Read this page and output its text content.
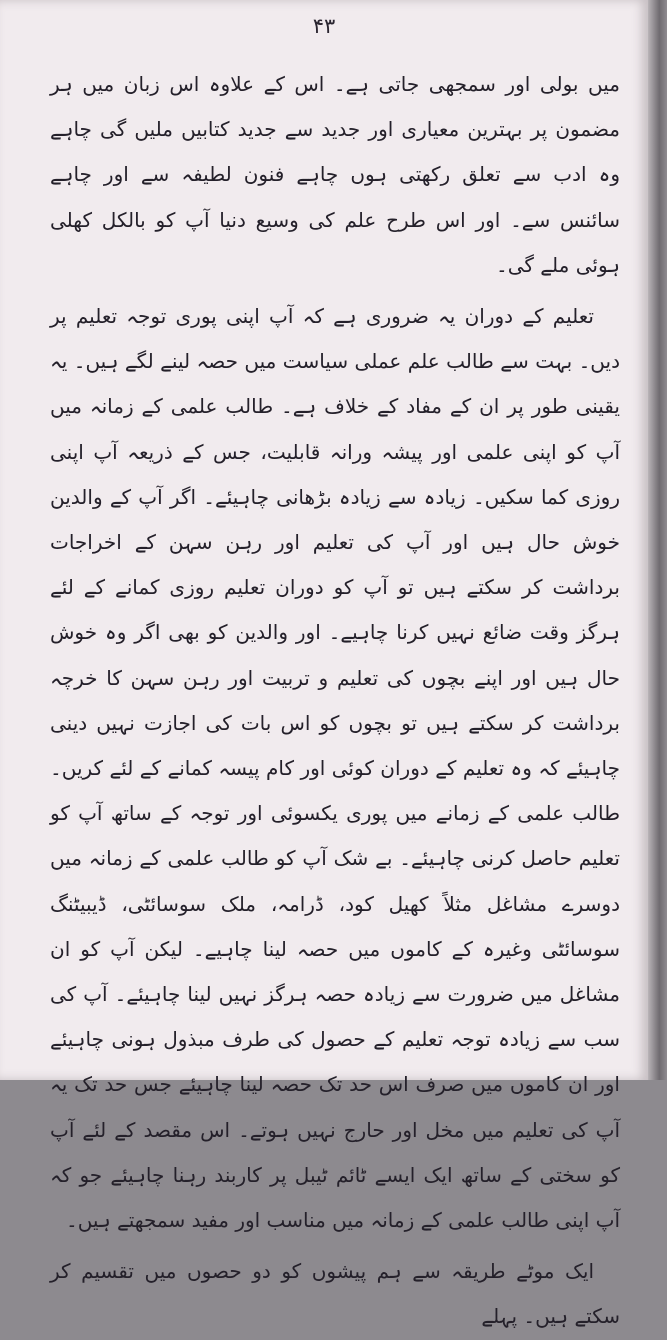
۴۳

میں بولی اور سمجھی جاتی ہے۔ اس کے علاوہ اس زبان میں ہر مضمون پر بہترین معیاری اور جدید سے جدید کتابیں ملیں گی چاہے وہ ادب سے تعلق رکھتی ہوں چاہے فنون لطیفہ سے اور چاہے سائنس سے۔ اور اس طرح علم کی وسیع دنیا آپ کو بالکل کھلی ہوئی ملے گی۔

تعلیم کے دوران یہ ضروری ہے کہ آپ اپنی پوری توجہ تعلیم پر دیں۔ بہت سے طالب علم عملی سیاست میں حصہ لینے لگے ہیں۔ یہ یقینی طور پر ان کے مفاد کے خلاف ہے۔ طالب علمی کے زمانہ میں آپ کو اپنی علمی اور پیشہ ورانہ قابلیت، جس کے ذریعہ آپ اپنی روزی کما سکیں۔ زیادہ سے زیادہ بڑھانی چاہیئے۔ اگر آپ کے والدین خوش حال ہیں اور آپ کی تعلیم اور رہن سہن کے اخراجات برداشت کر سکتے ہیں تو آپ کو دوران تعلیم روزی کمانے کے لئے ہرگز وقت ضائع نہیں کرنا چاہیے۔ اور والدین کو بھی اگر وہ خوش حال ہیں اور اپنے بچوں کی تعلیم و تربیت اور رہن سہن کا خرچہ برداشت کر سکتے ہیں تو بچوں کو اس بات کی اجازت نہیں دینی چاہیئے کہ وہ تعلیم کے دوران کوئی اور کام پیسہ کمانے کے لئے کریں۔ طالب علمی کے زمانے میں پوری یکسوئی اور توجہ کے ساتھ آپ کو تعلیم حاصل کرنی چاہیئے۔ بے شک آپ کو طالب علمی کے زمانہ میں دوسرے مشاغل مثلاً کھیل کود، ڈرامہ، ملک سوسائٹی، ڈیبیٹنگ سوسائٹی وغیرہ کے کاموں میں حصہ لینا چاہیے۔ لیکن آپ کو ان مشاغل میں ضرورت سے زیادہ حصہ ہرگز نہیں لینا چاہیئے۔ آپ کی سب سے زیادہ توجہ تعلیم کے حصول کی طرف مبذول ہونی چاہیئے اور ان کاموں میں صرف اس حد تک حصہ لینا چاہیئے جس حد تک یہ آپ کی تعلیم میں مخل اور حارج نہیں ہوتے۔ اس مقصد کے لئے آپ کو سختی کے ساتھ ایک ایسے ٹائم ٹیبل پر کاربند رہنا چاہیئے جو کہ آپ اپنی طالب علمی کے زمانہ میں مناسب اور مفید سمجھتے ہیں۔

ایک موٹے طریقہ سے ہم پیشوں کو دو حصوں میں تقسیم کر سکتے ہیں۔ پہلے
